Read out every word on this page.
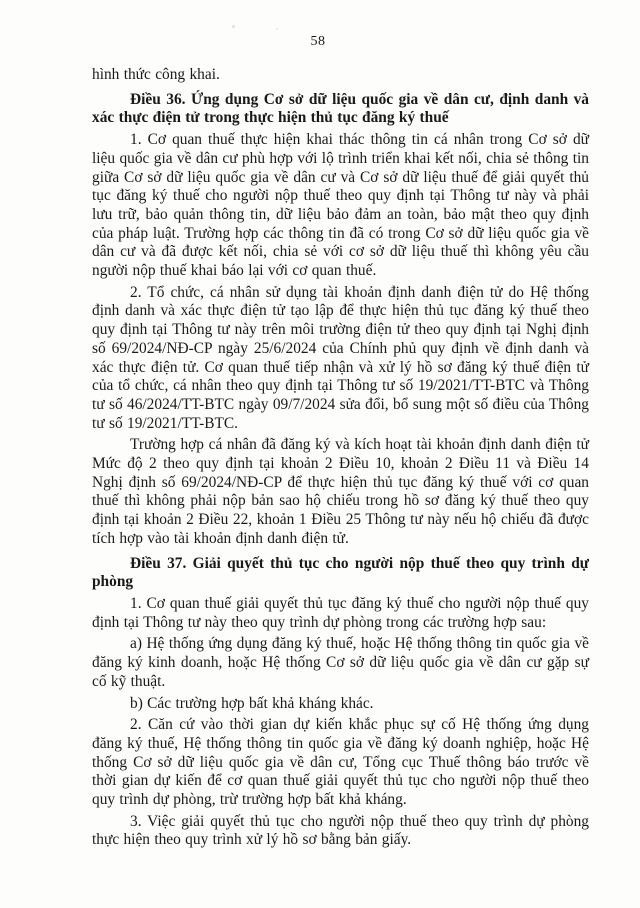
58

hình thức công khai.

Điều 36. Ứng dụng Cơ sở dữ liệu quốc gia về dân cư, định danh và xác thực điện tử trong thực hiện thủ tục đăng ký thuế

1. Cơ quan thuế thực hiện khai thác thông tin cá nhân trong Cơ sở dữ liệu quốc gia về dân cư phù hợp với lộ trình triển khai kết nối, chia sẻ thông tin giữa Cơ sở dữ liệu quốc gia về dân cư và Cơ sở dữ liệu thuế để giải quyết thủ tục đăng ký thuế cho người nộp thuế theo quy định tại Thông tư này và phải lưu trữ, bảo quản thông tin, dữ liệu bảo đảm an toàn, bảo mật theo quy định của pháp luật. Trường hợp các thông tin đã có trong Cơ sở dữ liệu quốc gia về dân cư và đã được kết nối, chia sẻ với cơ sở dữ liệu thuế thì không yêu cầu người nộp thuế khai báo lại với cơ quan thuế.

2. Tổ chức, cá nhân sử dụng tài khoản định danh điện tử do Hệ thống định danh và xác thực điện tử tạo lập để thực hiện thủ tục đăng ký thuế theo quy định tại Thông tư này trên môi trường điện tử theo quy định tại Nghị định số 69/2024/NĐ-CP ngày 25/6/2024 của Chính phủ quy định về định danh và xác thực điện tử. Cơ quan thuế tiếp nhận và xử lý hồ sơ đăng ký thuế điện tử của tổ chức, cá nhân theo quy định tại Thông tư số 19/2021/TT-BTC và Thông tư số 46/2024/TT-BTC ngày 09/7/2024 sửa đổi, bổ sung một số điều của Thông tư số 19/2021/TT-BTC.

Trường hợp cá nhân đã đăng ký và kích hoạt tài khoản định danh điện tử Mức độ 2 theo quy định tại khoản 2 Điều 10, khoản 2 Điều 11 và Điều 14 Nghị định số 69/2024/NĐ-CP để thực hiện thủ tục đăng ký thuế với cơ quan thuế thì không phải nộp bản sao hộ chiếu trong hồ sơ đăng ký thuế theo quy định tại khoản 2 Điều 22, khoản 1 Điều 25 Thông tư này nếu hộ chiếu đã được tích hợp vào tài khoản định danh điện tử.

Điều 37. Giải quyết thủ tục cho người nộp thuế theo quy trình dự phòng

1. Cơ quan thuế giải quyết thủ tục đăng ký thuế cho người nộp thuế quy định tại Thông tư này theo quy trình dự phòng trong các trường hợp sau:

a) Hệ thống ứng dụng đăng ký thuế, hoặc Hệ thống thông tin quốc gia về đăng ký kinh doanh, hoặc Hệ thống Cơ sở dữ liệu quốc gia về dân cư gặp sự cố kỹ thuật.

b) Các trường hợp bất khả kháng khác.

2. Căn cứ vào thời gian dự kiến khắc phục sự cố Hệ thống ứng dụng đăng ký thuế, Hệ thống thông tin quốc gia về đăng ký doanh nghiệp, hoặc Hệ thống Cơ sở dữ liệu quốc gia về dân cư, Tổng cục Thuế thông báo trước về thời gian dự kiến để cơ quan thuế giải quyết thủ tục cho người nộp thuế theo quy trình dự phòng, trừ trường hợp bất khả kháng.

3. Việc giải quyết thủ tục cho người nộp thuế theo quy trình dự phòng thực hiện theo quy trình xử lý hồ sơ bằng bản giấy.
